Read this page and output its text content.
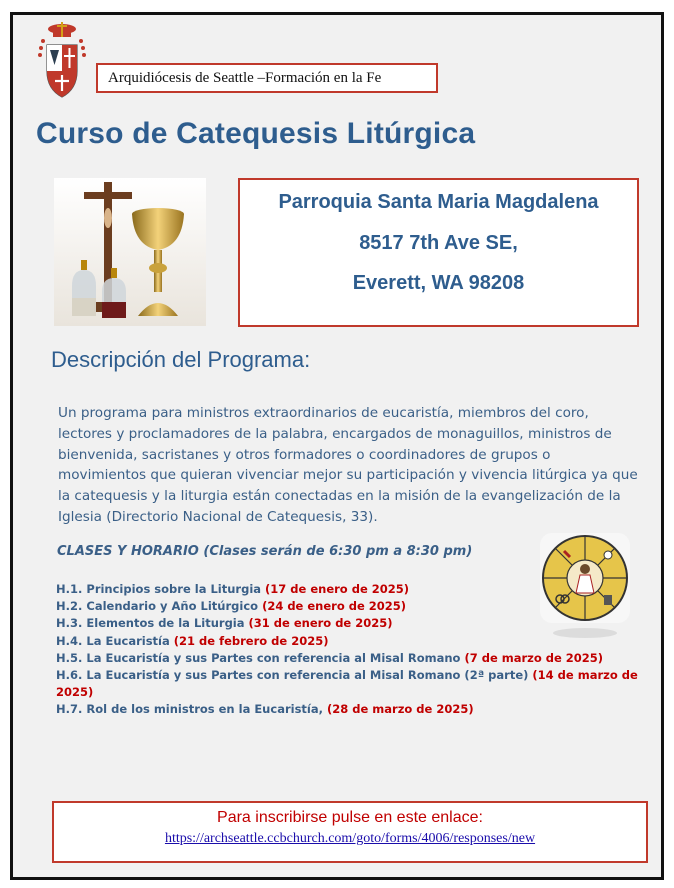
Arquidiócesis de Seattle –Formación en la Fe
Curso de Catequesis Litúrgica
Parroquia Santa Maria Magdalena
8517 7th Ave SE,
Everett, WA 98208
Descripción del Programa:

Un programa para ministros extraordinarios de eucaristía, miembros del coro, lectores y proclamadores de la palabra, encargados de monaguillos, ministros de bienvenida, sacristanes y otros formadores o coordinadores de grupos o movimientos que quieran vivenciar mejor su participación y vivencia litúrgica ya que la catequesis y la liturgia están conectadas en la misión de la evangelización de la Iglesia (Directorio Nacional de Catequesis, 33).

CLASES Y HORARIO (Clases serán de 6:30 pm a 8:30 pm)

H.1. Principios sobre la Liturgia (17 de enero de 2025)
H.2. Calendario y Año Litúrgico (24 de enero de 2025)
H.3. Elementos de la Liturgia (31 de enero de 2025)
H.4. La Eucaristía (21 de febrero de 2025)
H.5. La Eucaristía y sus Partes con referencia al Misal Romano (7 de marzo de 2025)
H.6. La Eucaristía y sus Partes con referencia al Misal Romano (2ª parte) (14 de marzo de 2025)
H.7. Rol de los ministros en la Eucaristía, (28 de marzo de 2025)
Para inscribirse pulse en este enlace:
https://archseattle.ccbchurch.com/goto/forms/4006/responses/new
